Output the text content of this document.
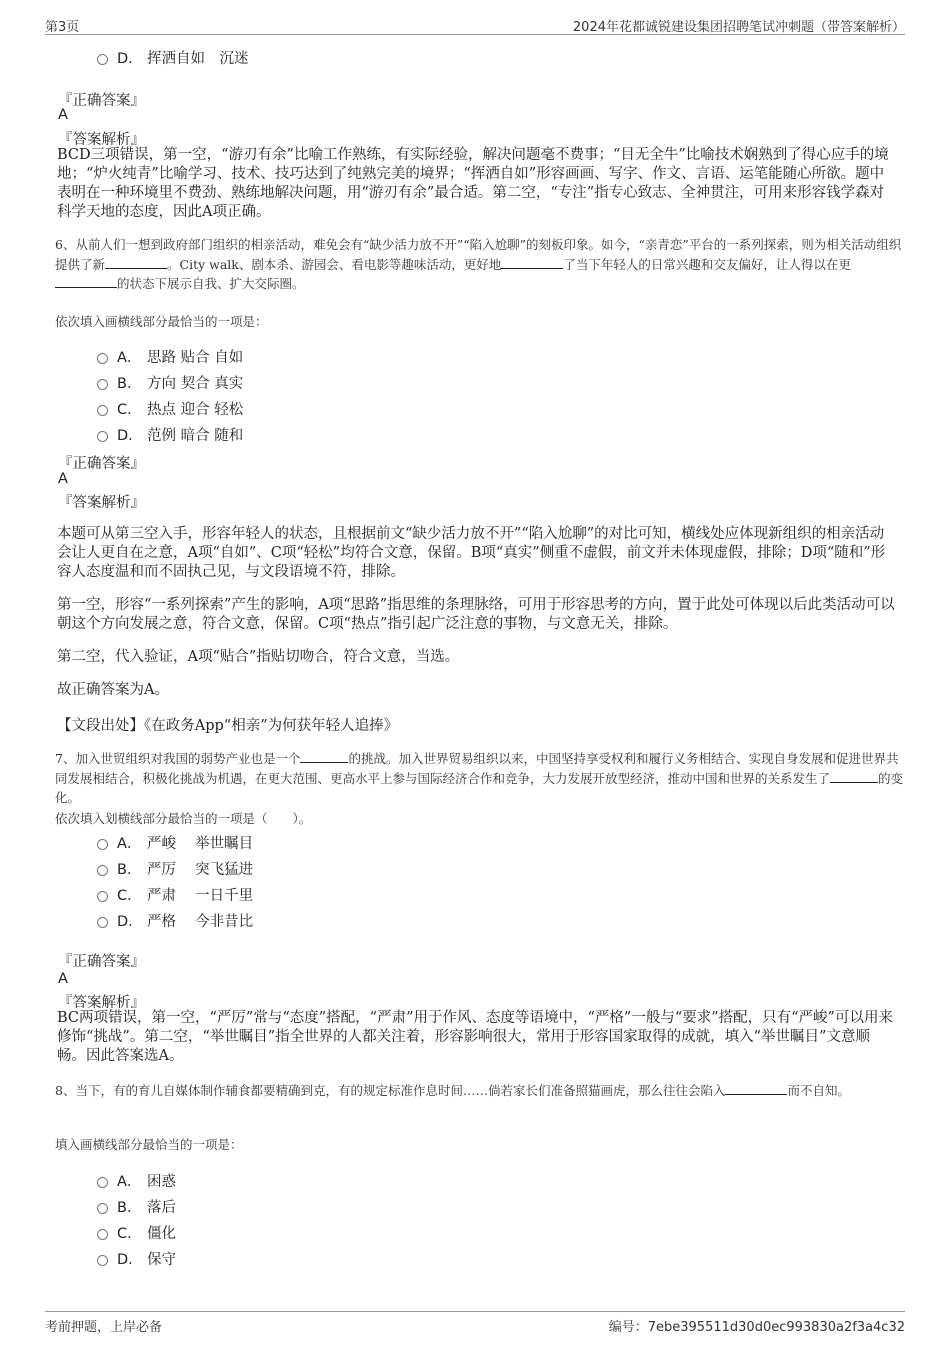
第3页	2024年花都诚锐建设集团招聘笔试冲刺题（带答案解析）
D． 挥洒自如　沉迷
『正确答案』
A
『答案解析』
BCD三项错误，第一空，“游刃有余”比喻工作熟练，有实际经验，解决问题毫不费事；“目无全牛”比喻技术娴熟到了得心应手的境地；“炉火纯青”比喻学习、技术、技巧达到了纯熟完美的境界；“挥洒自如”形容画画、写字、作文、言语、运笔能随心所欲。题中表明在一种环境里不费劲、熟练地解决问题，用“游刃有余”最合适。第二空，“专注”指专心致志、全神贯注，可用来形容钱学森对科学天地的态度，因此A项正确。
6、从前人们一想到政府部门组织的相亲活动，难免会有“缺少活力放不开”“陷入尬聊”的刻板印象。如今，“亲青恋”平台的一系列探索，则为相关活动组织提供了新	。City walk、剧本杀、游园会、看电影等趣味活动，更好地	了当下年轻人的日常兴趣和交友偏好，让人得以在更的状态下展示自我、扩大交际圈。
依次填入画横线部分最恰当的一项是：
A． 思路 贴合 自如
B． 方向 契合 真实
C． 热点 迎合 轻松
D． 范例 暗合 随和
『正确答案』
A
『答案解析』
本题可从第三空入手，形容年轻人的状态，且根据前文“缺少活力放不开”“陷入尬聊”的对比可知，横线处应体现新组织的相亲活动会让人更自在之意，A项“自如”、C项“轻松”均符合文意，保留。B项“真实”侧重不虚假，前文并未体现虚假，排除；D项“随和”形容人态度温和而不固执己见，与文段语境不符，排除。
第一空，形容“一系列探索”产生的影响，A项“思路”指思维的条理脉络，可用于形容思考的方向，置于此处可体现以后此类活动可以朝这个方向发展之意，符合文意，保留。C项“热点”指引起广泛注意的事物，与文意无关，排除。
第二空，代入验证，A项“贴合”指贴切吻合，符合文意，当选。
故正确答案为A。
【文段出处】《在政务App“相亲”为何获年轻人追捧》
7、加入世贸组织对我国的弱势产业也是一个	的挑战。加入世界贸易组织以来，中国坚持享受权利和履行义务相结合、实现自身发展和促进世界共同发展相结合，积极化挑战为机遇，在更大范围、更高水平上参与国际经济合作和竞争，大力发展开放型经济，推动中国和世界的关系发生了	的变化。
依次填入划横线部分最恰当的一项是（　　）。
A． 严峻　 举世瞩目
B． 严厉　 突飞猛进
C． 严肃　 一日千里
D． 严格　 今非昔比
『正确答案』
A
『答案解析』
BC两项错误，第一空，“严厉”常与“态度”搭配，“严肃”用于作风、态度等语境中，“严格”一般与“要求”搭配，只有“严峻”可以用来修饰“挑战”。第二空，“举世瞩目”指全世界的人都关注着，形容影响很大，常用于形容国家取得的成就，填入“举世瞩目”文意顺畅。因此答案选A。
8、当下，有的育儿自媒体制作辅食都要精确到克，有的规定标准作息时间……倘若家长们准备照猫画虎，那么往往会陷入	而不自知。
填入画横线部分最恰当的一项是：
A． 困惑
B． 落后
C． 僵化
D． 保守
考前押题，上岸必备	编号：7ebe395511d30d0ec993830a2f3a4c32
